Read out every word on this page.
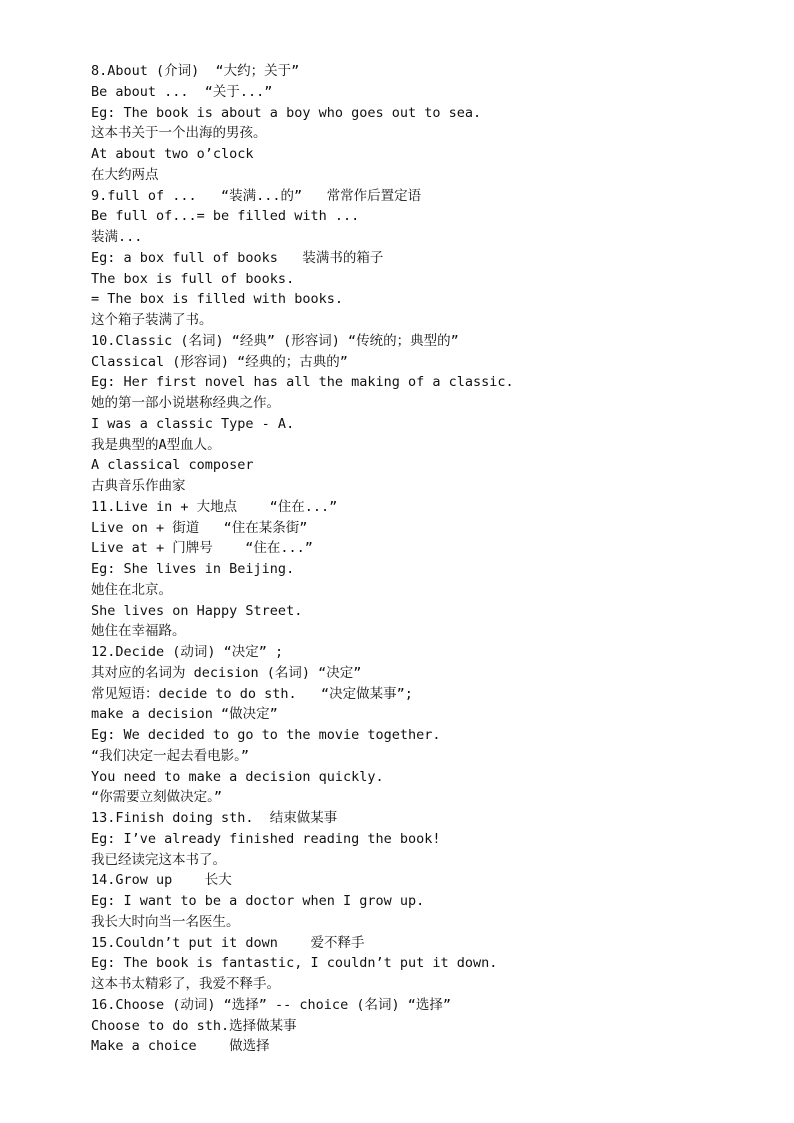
8.About (介词)  “大约；关于”
Be about ...  “关于...”
Eg: The book is about a boy who goes out to sea.
这本书关于一个出海的男孩。
At about two o’clock
在大约两点
9.full of ...   “装满...的”   常常作后置定语
Be full of...= be filled with ...
装满...
Eg: a box full of books   装满书的箱子
The box is full of books.
= The box is filled with books.
这个箱子装满了书。
10.Classic (名词) “经典” (形容词) “传统的；典型的”
Classical (形容词) “经典的；古典的”
Eg: Her first novel has all the making of a classic.
她的第一部小说堪称经典之作。
I was a classic Type - A.
我是典型的A型血人。
A classical composer
古典音乐作曲家
11.Live in + 大地点    “住在...”
Live on + 街道   “住在某条街”
Live at + 门牌号    “住在...”
Eg: She lives in Beijing.
她住在北京。
She lives on Happy Street.
她住在幸福路。
12.Decide (动词) “决定” ;
其对应的名词为 decision (名词) “决定”
常见短语：decide to do sth.   “决定做某事”;
make a decision “做决定”
Eg: We decided to go to the movie together.
“我们决定一起去看电影。”
You need to make a decision quickly.
“你需要立刻做决定。”
13.Finish doing sth.  结束做某事
Eg: I’ve already finished reading the book!
我已经读完这本书了。
14.Grow up    长大
Eg: I want to be a doctor when I grow up.
我长大时向当一名医生。
15.Couldn’t put it down    爱不释手
Eg: The book is fantastic, I couldn’t put it down.
这本书太精彩了，我爱不释手。
16.Choose (动词) “选择” -- choice (名词) “选择”
Choose to do sth.选择做某事
Make a choice    做选择
